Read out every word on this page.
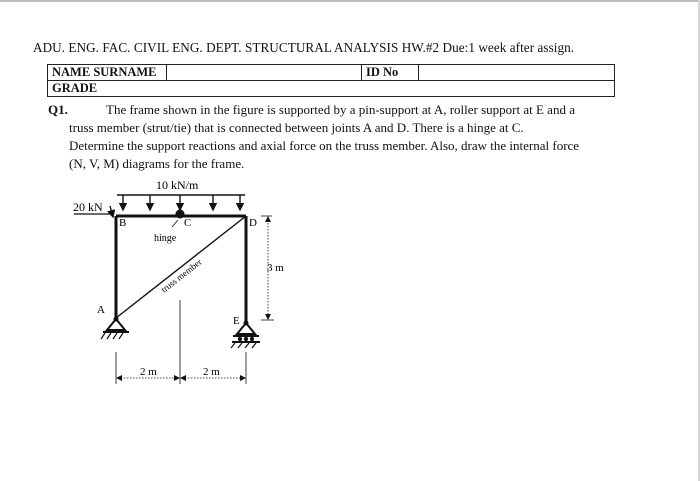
ADU. ENG. FAC. CIVIL ENG. DEPT. STRUCTURAL ANALYSIS HW.#2 Due:1 week after assign.
NAME SURNAME		ID No	
GRADE
Q1.	The frame shown in the figure is supported by a pin-support at A, roller support at E and a
truss member (strut/tie) that is connected between joints A and D. There is a hinge at C.
Determine the support reactions and axial force on the truss member. Also, draw the internal force
(N, V, M) diagrams for the frame.
10 kN/m
20 kN
hinge
B	C	D
A
E
truss member	3 m
2 m	2 m
